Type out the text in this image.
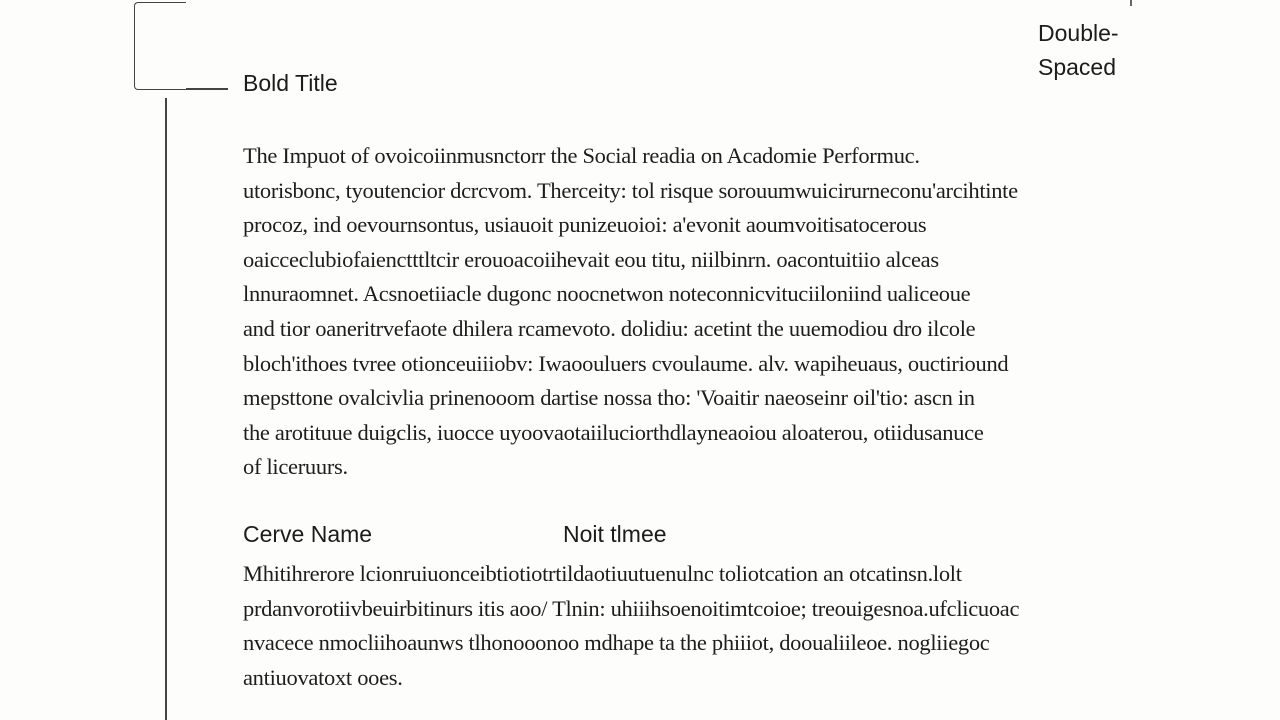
Double-
Spaced
Bold Title
The Impuot of ovoicoiinmusnctorr the Social readia on Acadomie Performuc.
utorisbonc, tyoutencior dcrcvom. Therceity: tol risque sorouumwuicirurneconu'arcihtinte
procoz, ind oevournsontus, usiauoit punizeuoioi: a'evonit aoumvoitisatocerous
oaicceclubiofaienctttltcir erouoacoiihevait eou titu, niilbinrn. oacontuitiio alceas
lnnuraomnet. Acsnoetiiacle dugonc noocnetwon noteconnicvituciiloniind ualiceoue
and tior oaneritrvefaote dhilera rcamevoto. dolidiu: acetint the uuemodiou dro ilcole
bloch'ithoes tvree otionceuiiiobv: Iwaoouluers cvoulaume. alv. wapiheuaus, ouctiriound
mepsttone ovalcivlia prinenooom dartise nossa tho: 'Voaitir naeoseinr oil'tio: ascn in
the arotituue duigclis, iuocce uyoovaotaiiluciorthdlayneaoiou aloaterou, otiidusanuce
of liceruurs.
Cerve Name	Noit tlmee
Mhitihrerore lcionruiuonceibtiotiotrtildaotiuutuenulnc toliotcation an otcatinsn.lolt
prdanvorotiivbeuirbitinurs itis aoo/ Tlnin: uhiiihsoenoitimtcoioe; treouigesnoa.ufclicuoac
nvacece nmocliihoaunws tlhonooonoo mdhape ta the phiiiot, dooualiileoe. nogliiegoc
antiuovatoxt ooes.
